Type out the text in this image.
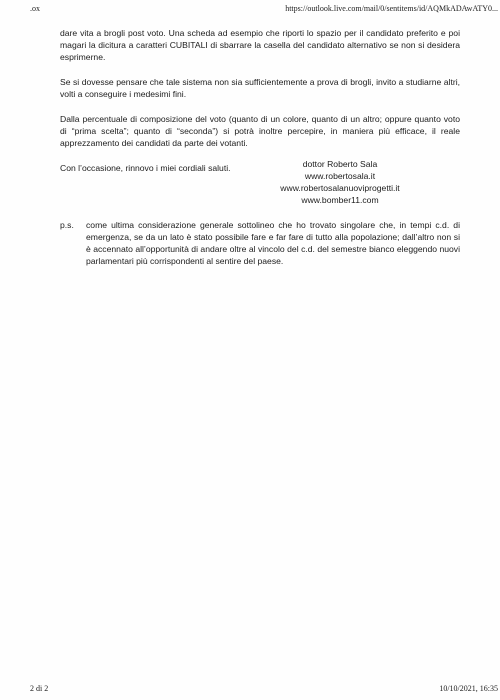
.ox	https://outlook.live.com/mail/0/sentitems/id/AQMkADAwATY0...

dare vita a brogli post voto. Una scheda ad esempio che riporti lo spazio per il candidato preferito e poi magari la dicitura a caratteri CUBITALI di sbarrare la casella del candidato alternativo se non si desidera esprimerne.

Se si dovesse pensare che tale sistema non sia sufficientemente a prova di brogli, invito a studiarne altri, volti a conseguire i medesimi fini.

Dalla percentuale di composizione del voto (quanto di un colore, quanto di un altro; oppure quanto voto di “prima scelta”; quanto di “seconda”) si potrà inoltre percepire, in maniera più efficace, il reale apprezzamento dei candidati da parte dei votanti.

Con l’occasione, rinnovo i miei cordiali saluti.	dottor Roberto Sala
www.robertosala.it
www.robertosalanuoviprogetti.it
www.bomber11.com
p.s. come ultima considerazione generale sottolineo che ho trovato singolare che, in tempi c.d. di emergenza, se da un lato è stato possibile fare e far fare di tutto alla popolazione; dall’altro non si è accennato all’opportunità di andare oltre al vincolo del c.d. del semestre bianco eleggendo nuovi parlamentari più corrispondenti al sentire del paese.

2 di 2	10/10/2021, 16:35
